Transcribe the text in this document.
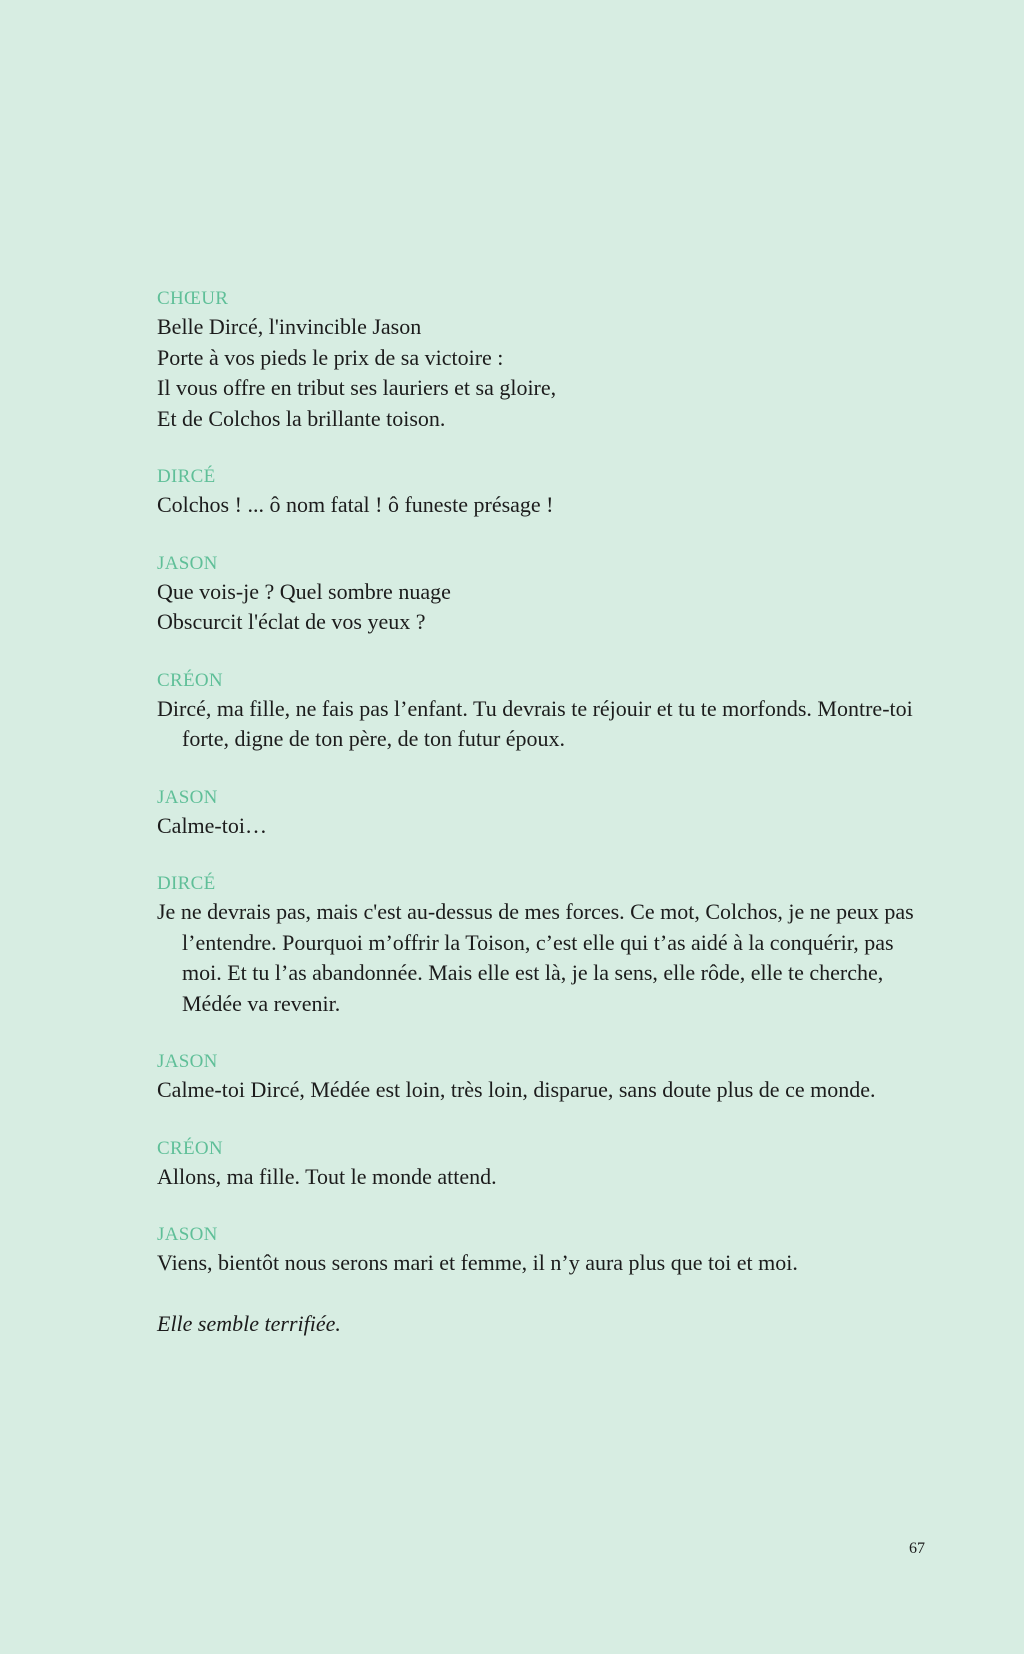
CHŒUR
Belle Dircé, l'invincible Jason
Porte à vos pieds le prix de sa victoire :
Il vous offre en tribut ses lauriers et sa gloire,
Et de Colchos la brillante toison.
DIRCÉ
Colchos ! ... ô nom fatal ! ô funeste présage !
JASON
Que vois-je ? Quel sombre nuage
Obscurcit l'éclat de vos yeux ?
CRÉON
Dircé, ma fille, ne fais pas l’enfant. Tu devrais te réjouir et tu te morfonds. Montre-toi forte, digne de ton père, de ton futur époux.
JASON
Calme-toi…
DIRCÉ
Je ne devrais pas, mais c'est au-dessus de mes forces. Ce mot, Colchos, je ne peux pas l’entendre. Pourquoi m’offrir la Toison, c’est elle qui t’as aidé à la conquérir, pas moi. Et tu l’as abandonnée. Mais elle est là, je la sens, elle rôde, elle te cherche, Médée va revenir.
JASON
Calme-toi Dircé, Médée est loin, très loin, disparue, sans doute plus de ce monde.
CRÉON
Allons, ma fille. Tout le monde attend.
JASON
Viens, bientôt nous serons mari et femme, il n’y aura plus que toi et moi.
Elle semble terrifiée.
67
